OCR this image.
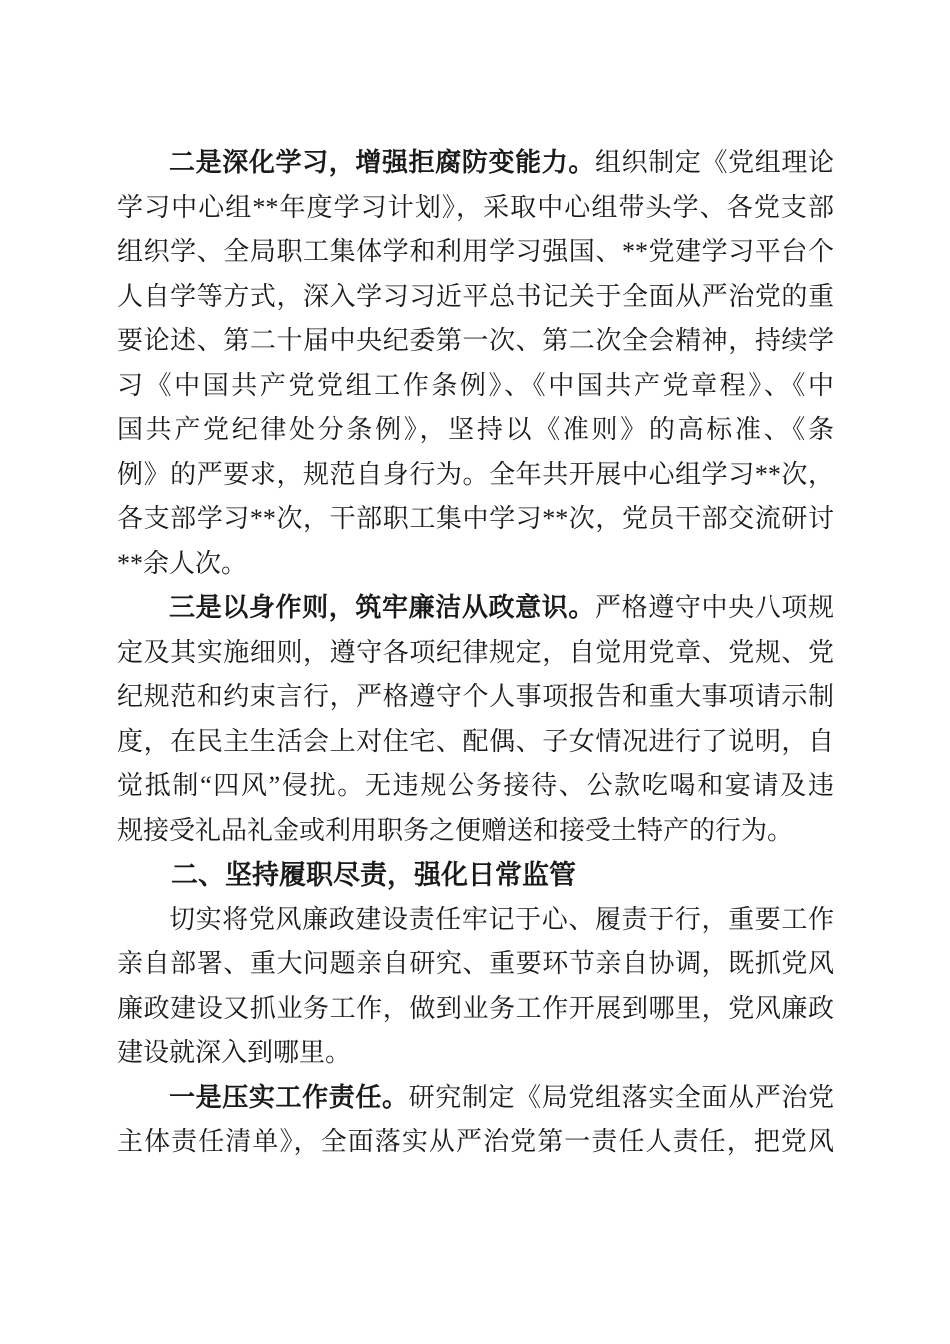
二是深化学习，增强拒腐防变能力。组织制定《党组理论
学习中心组**年度学习计划》，采取中心组带头学、各党支部
组织学、全局职工集体学和利用学习强国、**党建学习平台个
人自学等方式，深入学习习近平总书记关于全面从严治党的重
要论述、第二十届中央纪委第一次、第二次全会精神，持续学
习《中国共产党党组工作条例》、《中国共产党章程》、《中
国共产党纪律处分条例》，坚持以《准则》的高标准、《条
例》的严要求，规范自身行为。全年共开展中心组学习**次，
各支部学习**次，干部职工集中学习**次，党员干部交流研讨
**余人次。
三是以身作则，筑牢廉洁从政意识。严格遵守中央八项规
定及其实施细则，遵守各项纪律规定，自觉用党章、党规、党
纪规范和约束言行，严格遵守个人事项报告和重大事项请示制
度，在民主生活会上对住宅、配偶、子女情况进行了说明，自
觉抵制“四风”侵扰。无违规公务接待、公款吃喝和宴请及违
规接受礼品礼金或利用职务之便赠送和接受土特产的行为。
二、坚持履职尽责，强化日常监管
切实将党风廉政建设责任牢记于心、履责于行，重要工作
亲自部署、重大问题亲自研究、重要环节亲自协调，既抓党风
廉政建设又抓业务工作，做到业务工作开展到哪里，党风廉政
建设就深入到哪里。
一是压实工作责任。研究制定《局党组落实全面从严治党
主体责任清单》，全面落实从严治党第一责任人责任，把党风
